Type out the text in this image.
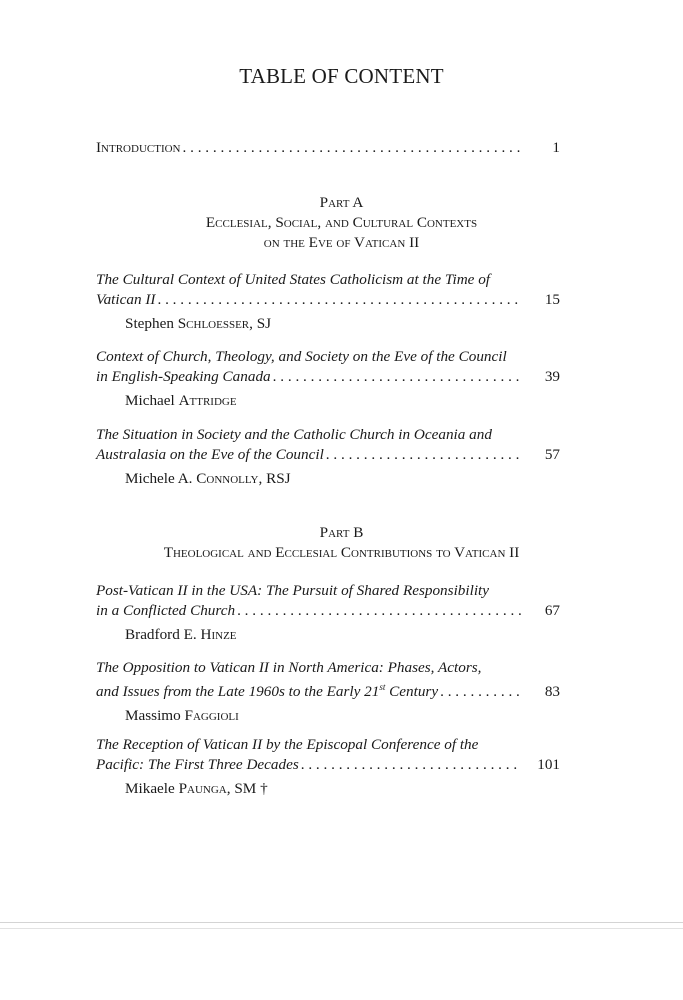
TABLE OF CONTENT
Introduction . . .	1
Part A
Ecclesial, Social, and Cultural Contexts
on the Eve of Vatican II
The Cultural Context of United States Catholicism at the Time of
Vatican II . . .	15
Stephen Schloesser, SJ
Context of Church, Theology, and Society on the Eve of the Council
in English-Speaking Canada . . .	39
Michael Attridge
The Situation in Society and the Catholic Church in Oceania and
Australasia on the Eve of the Council . . .	57
Michele A. Connolly, RSJ
Part B
Theological and Ecclesial Contributions to Vatican II
Post-Vatican II in the USA: The Pursuit of Shared Responsibility
in a Conflicted Church . . .	67
Bradford E. Hinze
The Opposition to Vatican II in North America: Phases, Actors,
and Issues from the Late 1960s to the Early 21st Century . . .	83
Massimo Faggioli
The Reception of Vatican II by the Episcopal Conference of the
Pacific: The First Three Decades . . .	101
Mikaele Paunga, SM †
